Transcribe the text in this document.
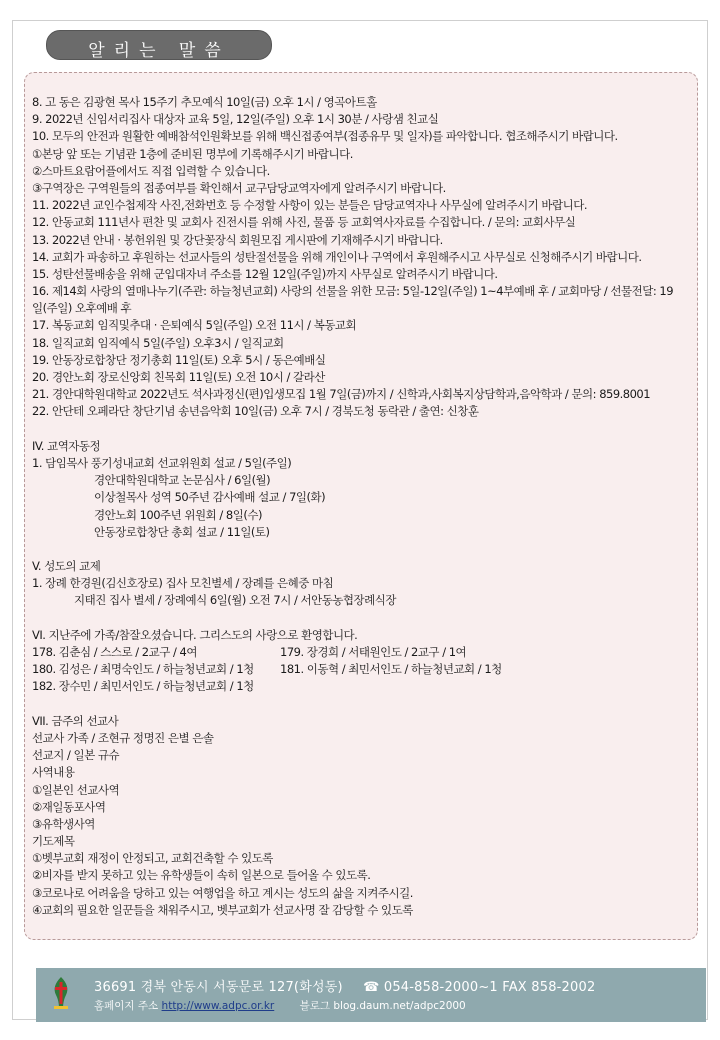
알리는 말씀
8. 고 동은 김광현 목사 15주기 추모예식 10일(금) 오후 1시 / 영곡아트홀
9. 2022년 신임서리집사 대상자 교육 5일, 12일(주일) 오후 1시 30분 / 사랑샘 친교실
10. 모두의 안전과 원활한 예배참석인원확보를 위해 백신접종여부(접종유무 및 일자)를 파악합니다. 협조해주시기 바랍니다.
①본당 앞 또는 기념관 1층에 준비된 명부에 기록해주시기 바랍니다.
②스마트요람어플에서도 직접 입력할 수 있습니다.
③구역장은 구역원들의 접종여부를 확인해서 교구담당교역자에게 알려주시기 바랍니다.
11. 2022년 교인수첩제작 사진,전화번호 등 수정할 사항이 있는 분들은 담당교역자나 사무실에 알려주시기 바랍니다.
12. 안동교회 111년사 편찬 및 교회사 진전시를 위해 사진, 물품 등 교회역사자료를 수집합니다. / 문의: 교회사무실
13. 2022년 안내 · 봉헌위원 및 강단꽃장식 회원모집 게시판에 기재해주시기 바랍니다.
14. 교회가 파송하고 후원하는 선교사들의 성탄절선물을 위해 개인이나 구역에서 후원해주시고 사무실로 신청해주시기 바랍니다.
15. 성탄선물배송을 위해 군입대자녀 주소를 12월 12일(주일)까지 사무실로 알려주시기 바랍니다.
16. 제14회 사랑의 열매나누기(주관: 하늘청년교회) 사랑의 선물을 위한 모금: 5일-12일(주일) 1~4부예배 후 / 교회마당 / 선물전달: 19
일(주일) 오후예배 후
17. 복동교회 임직및추대 · 은퇴예식 5일(주일) 오전 11시 / 복동교회
18. 일직교회 임직예식 5일(주일) 오후3시 / 일직교회
19. 안동장로합창단 정기총회 11일(토) 오후 5시 / 동은예배실
20. 경안노회 장로신앙회 친목회 11일(토) 오전 10시 / 갈라산
21. 경안대학원대학교 2022년도 석사과정신(편)입생모집 1월 7일(금)까지 / 신학과,사회복지상담학과,음악학과 / 문의: 859.8001
22. 안단테 오페라단 창단기념 송년음악회 10일(금) 오후 7시 / 경북도청 동락관 / 출연: 신창훈
IV. 교역자동정
1. 담임목사 풍기성내교회 선교위원회 설교 / 5일(주일)
경안대학원대학교 논문심사 / 6일(월)
이상철목사 성역 50주년 감사예배 설교 / 7일(화)
경안노회 100주년 위원회 / 8일(수)
안동장로합창단 총회 설교 / 11일(토)
V. 성도의 교제
1. 장례 한경원(김신호장로) 집사 모친별세 / 장례를 은혜중 마침
지태진 집사 별세 / 장례예식 6일(월) 오전 7시 / 서안동농협장례식장
VI. 지난주에 가족/참잘오셨습니다. 그리스도의 사랑으로 환영합니다.
178. 김춘심 / 스스로 / 2교구 / 4여	179. 장경희 / 서태원인도 / 2교구 / 1여
180. 김성은 / 최명숙인도 / 하늘청년교회 / 1청 181. 이동혁 / 최민서인도 / 하늘청년교회 / 1청
182. 장수민 / 최민서인도 / 하늘청년교회 / 1청
VII. 금주의 선교사
선교사 가족 / 조현규 정명진 은별 은솔
선교지 / 일본 규슈
사역내용
①일본인 선교사역
②재일동포사역
③유학생사역
기도제목
①벳부교회 재정이 안정되고, 교회건축할 수 있도록
②비자를 받지 못하고 있는 유학생들이 속히 일본으로 들어올 수 있도록.
③코로나로 어려움을 당하고 있는 여행업을 하고 계시는 성도의 삶을 지켜주시길.
④교회의 필요한 일꾼들을 채워주시고, 벳부교회가 선교사명 잘 감당할 수 있도록
36691 경북 안동시 서동문로 127(화성동) ☎ 054-858-2000~1 FAX 858-2002
홈페이지 주소 http://www.adpc.or.kr 블로그 blog.daum.net/adpc2000
